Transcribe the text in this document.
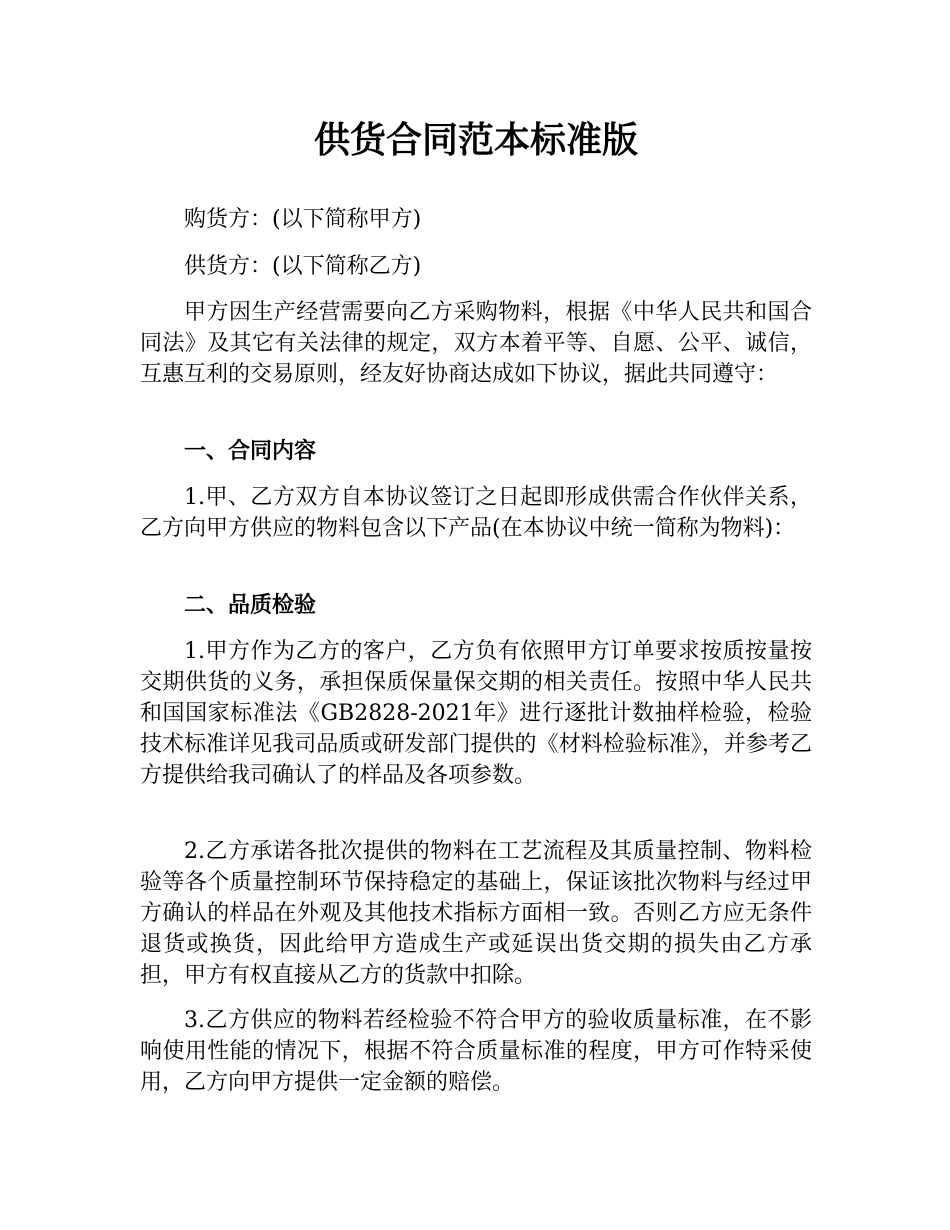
供货合同范本标准版

购货方：(以下简称甲方)

供货方：(以下简称乙方)

甲方因生产经营需要向乙方采购物料，根据《中华人民共和国合同法》及其它有关法律的规定，双方本着平等、自愿、公平、诚信，互惠互利的交易原则，经友好协商达成如下协议，据此共同遵守：

一、合同内容

1.甲、乙方双方自本协议签订之日起即形成供需合作伙伴关系，乙方向甲方供应的物料包含以下产品(在本协议中统一简称为物料)：

二、品质检验

1.甲方作为乙方的客户，乙方负有依照甲方订单要求按质按量按交期供货的义务，承担保质保量保交期的相关责任。按照中华人民共和国国家标准法《GB2828-2021年》进行逐批计数抽样检验，检验技术标准详见我司品质或研发部门提供的《材料检验标准》，并参考乙方提供给我司确认了的样品及各项参数。

2.乙方承诺各批次提供的物料在工艺流程及其质量控制、物料检验等各个质量控制环节保持稳定的基础上，保证该批次物料与经过甲方确认的样品在外观及其他技术指标方面相一致。否则乙方应无条件退货或换货，因此给甲方造成生产或延误出货交期的损失由乙方承担，甲方有权直接从乙方的货款中扣除。

3.乙方供应的物料若经检验不符合甲方的验收质量标准，在不影响使用性能的情况下，根据不符合质量标准的程度，甲方可作特采使用，乙方向甲方提供一定金额的赔偿。
